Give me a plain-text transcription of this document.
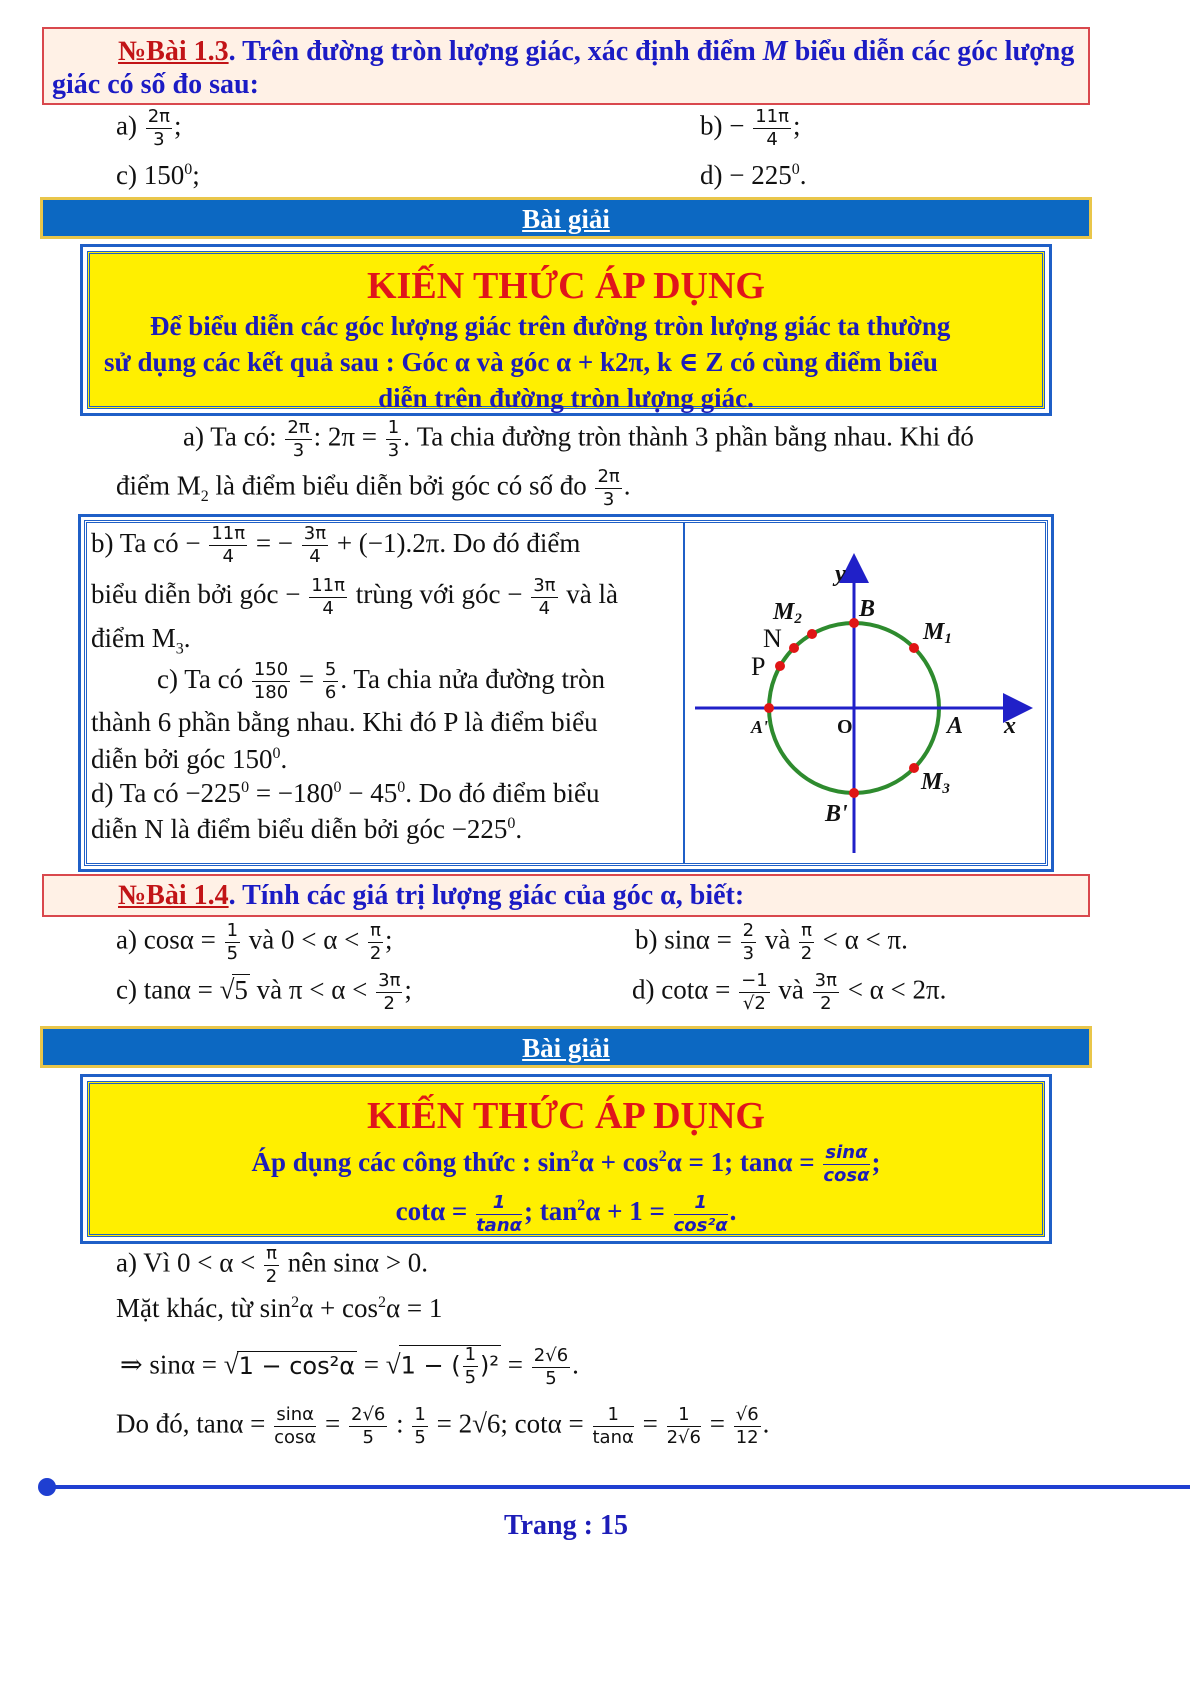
№Bài 1.3. Trên đường tròn lượng giác, xác định điểm M biểu diễn các góc lượng giác có số đo sau:
$a) \frac{2\pi}{3}$ ;	$b) - \frac{11\pi}{4}$ ;
c) $150^0$;	$d) - 225^0$.
Bài giải
KIẾN THỨC ÁP DỤNG
Để biểu diễn các góc lượng giác trên đường tròn lượng giác ta thường
sử dụng các kết quả sau : Góc α và góc α + k2π, k ∈ Z có cùng điểm biểu
diễn trên đường tròn lượng giác.
a) Ta có: $\frac{2\pi}{3}$ : $2\pi = \frac{1}{3}$ . Ta chia đường tròn thành 3 phần bằng nhau. Khi đó
điểm $M_2$ là điểm biểu diễn bởi góc có số đo $\frac{2\pi}{3}$ .
b) Ta có − $\frac{11\pi}{4}$ = − $\frac{3\pi}{4} + (-1).2\pi$. Do đó điểm
biểu diễn bởi góc − $\frac{11\pi}{4}$ trùng với góc − $\frac{3\pi}{4}$ và là
điểm $M_3$.
c) Ta có $\frac{150}{180} = \frac{5}{6}$ . Ta chia nửa đường tròn
thành 6 phần bằng nhau. Khi đó P là điểm biểu
diễn bởi góc $150^0$.
d) Ta có $-225^0 = -180^0 - 45^0$. Do đó điểm biểu
diễn N là điểm biểu diễn bởi góc $-225^0$.
y
x
B
M1
M2
A'	O	A
M3
B'
N
P
№Bài 1.4. Tính các giá trị lượng giác của góc α, biết:
a) $\cos\alpha = \frac{1}{5}$ và $0 < \alpha < \frac{\pi}{2}$ ;	b) $\sin\alpha = \frac{2}{3}$ và $\frac{\pi}{2} < \alpha < \pi$.
c) tanα = √5 và $\pi < \alpha < \frac{3\pi}{2}$ ;	d) $\cot\alpha = \frac{-1}{√2}$ và $\frac{3\pi}{2} < \alpha < 2\pi$.
Bài giải
KIẾN THỨC ÁP DỤNG
Áp dụng các công thức : $\sin^2\alpha + \cos^2\alpha = 1$; $\tan\alpha = \frac{\sin\alpha}{\cos\alpha}$ ;
$\cot\alpha = \frac{1}{\tan\alpha}$ ; $\tan^2\alpha + 1 = \frac{1}{\text{cos²α}}$ .
a) Vì $0 < \alpha < \frac{\pi}{2}$ nên sinα > 0.
Mặt khác, từ $\sin^2\alpha + \cos^2\alpha = 1$
⇒ sinα = √1 − cos²α = √1 − ( $\frac{1}{5} )^2 = \frac{2√6}{5}$ .
Do đó, $\tan\alpha = \frac{\sin\alpha}{\cos\alpha} = \frac{2√6}{5}$ : $\frac{1}{5} = 2√6$; $\cot\alpha = \frac{1}{\tan\alpha} = \frac{1}{2√6} = \frac{√6}{12}$ .
Trang : 15
